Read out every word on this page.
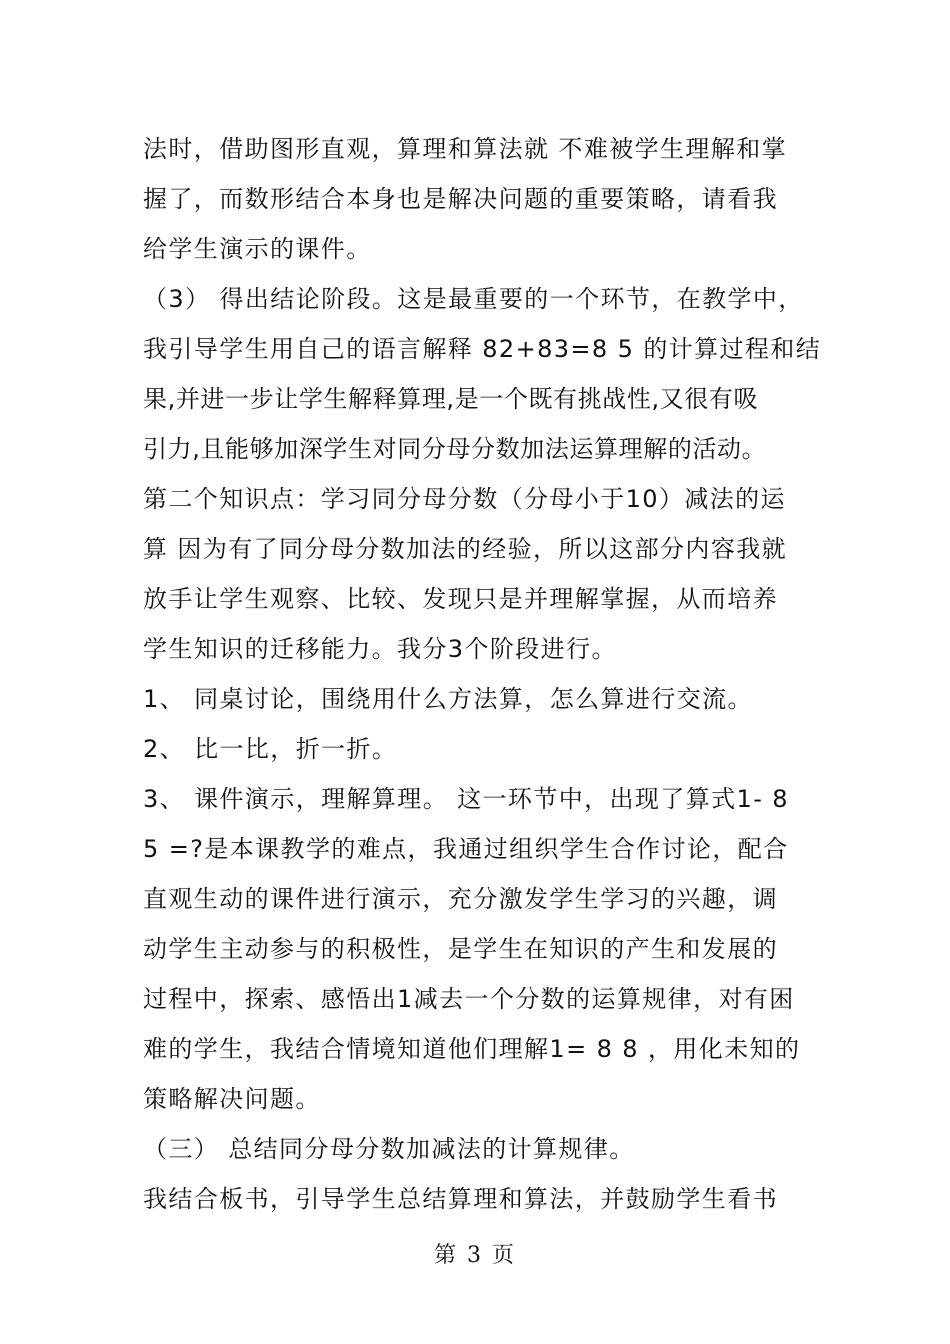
法时，借助图形直观，算理和算法就 不难被学生理解和掌
握了，而数形结合本身也是解决问题的重要策略，请看我
给学生演示的课件。
（3） 得出结论阶段。这是最重要的一个环节，在教学中，
我引导学生用自己的语言解释 82+83=8 5 的计算过程和结
果,并进一步让学生解释算理,是一个既有挑战性,又很有吸
引力,且能够加深学生对同分母分数加法运算理解的活动。
第二个知识点：学习同分母分数（分母小于10）减法的运
算 因为有了同分母分数加法的经验，所以这部分内容我就
放手让学生观察、比较、发现只是并理解掌握，从而培养
学生知识的迁移能力。我分3个阶段进行。
1、 同桌讨论，围绕用什么方法算，怎么算进行交流。
2、 比一比，折一折。
3、 课件演示，理解算理。 这一环节中，出现了算式1- 8
5 =?是本课教学的难点，我通过组织学生合作讨论，配合
直观生动的课件进行演示，充分激发学生学习的兴趣，调
动学生主动参与的积极性，是学生在知识的产生和发展的
过程中，探索、感悟出1减去一个分数的运算规律，对有困
难的学生，我结合情境知道他们理解1= 8 8 ，用化未知的
策略解决问题。
（三） 总结同分母分数加减法的计算规律。
我结合板书，引导学生总结算理和算法，并鼓励学生看书
第 3 页
